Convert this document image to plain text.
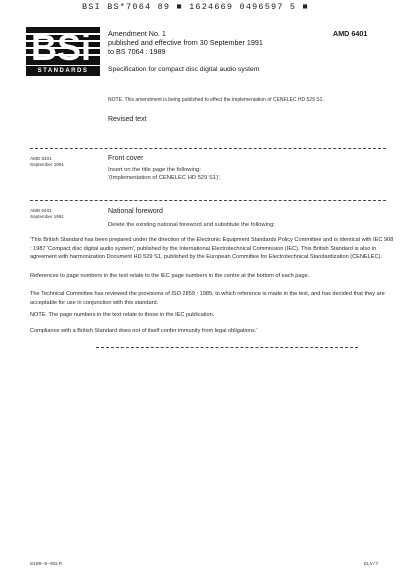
BSI BS*7064 89 ■ 1624669 0496597 5 ■
BSi
STANDARDS
Amendment No. 1
published and effective from 30 September 1991
to BS 7064 : 1989
AMD 6401
Specification for compact disc digital audio system
NOTE. This amendment is being published to effect the implementation of CENELEC HD 529 S1.
Revised text
AMD 6401
September 1991
Front cover
Insert on the title page the following:
'(Implementation of CENELEC HD 529 S1)'.
AMD 6401
September 1991
National foreword
Delete the existing national foreword and substitute the following:
'This British Standard has been prepared under the direction of the Electronic Equipment Standards Policy Committee and is identical with IEC 908 : 1987 'Compact disc digital audio system', published by the International Electrotechnical Commission (IEC). This British Standard is also in agreement with harmonization Document HD 529 S1, published by the European Committee for Electrotechnical Standardization (CENELEC).
References to page numbers in the text relate to the IEC page numbers in the centre at the bottom of each page.
The Technical Committee has reviewed the provisions of ISO 2859 : 1985, to which reference is made in the text, and has decided that they are acceptable for use in conjunction with this standard.
NOTE. The page numbers in the text relate to those in the IEC publication.
Compliance with a British Standard does not of itself confer immunity from legal obligations.'
8109-0-05LM	ELV/7
